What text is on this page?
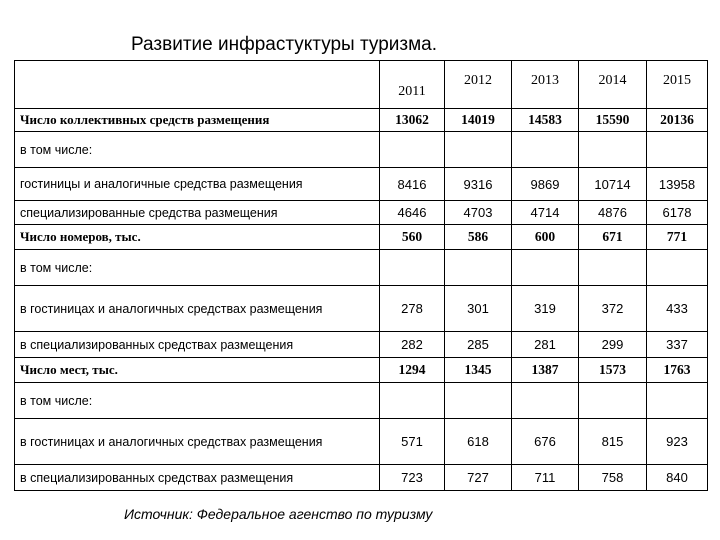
Развитие инфрастуктуры туризма.
	2011	2012	2013	2014	2015
Число коллективных средств размещения	13062	14019	14583	15590	20136
в том числе:					
гостиницы и аналогичные средства размещения	8416	9316	9869	10714	13958
специализированные средства размещения	4646	4703	4714	4876	6178
Число номеров, тыс.	560	586	600	671	771
в том числе:					
в гостиницах и аналогичных средствах размещения	278	301	319	372	433
в специализированных средствах размещения	282	285	281	299	337
Число мест, тыс.	1294	1345	1387	1573	1763
в том числе:					
в гостиницах и аналогичных средствах размещения	571	618	676	815	923
в специализированных средствах размещения	723	727	711	758	840
Источник: Федеральное агенство по туризму
